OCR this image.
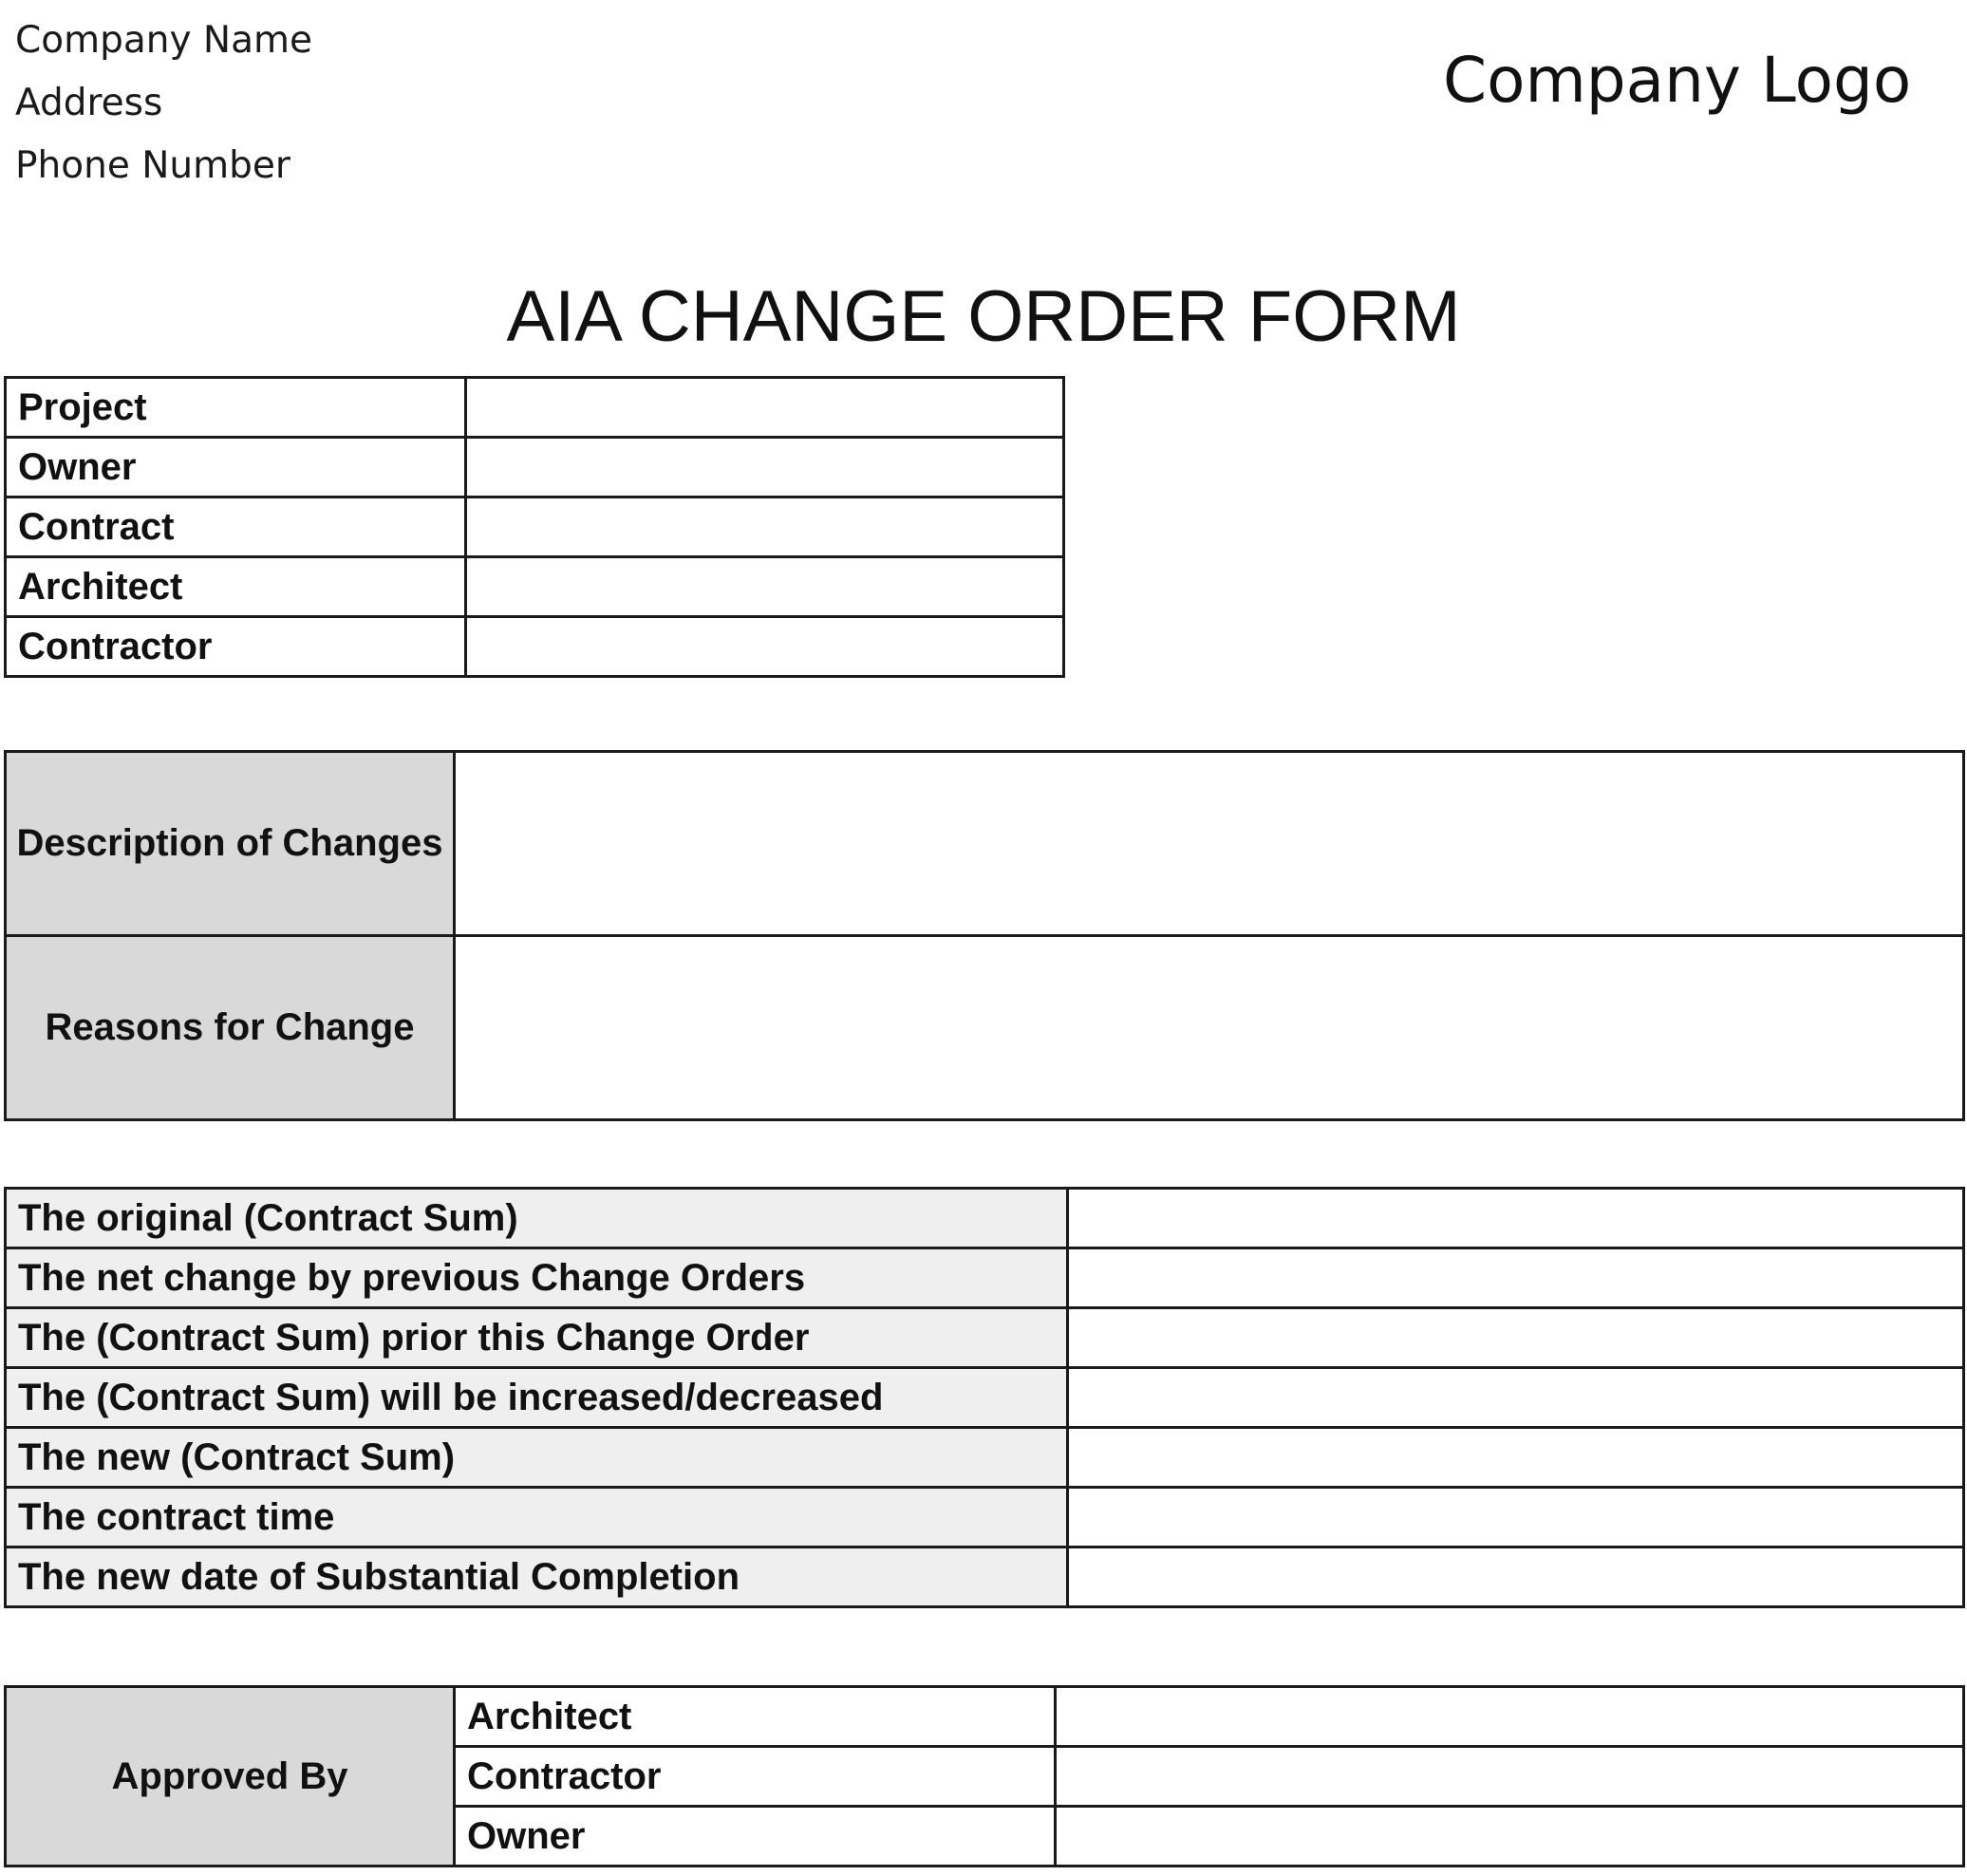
Company Name
Address
Phone Number
Company Logo
AIA CHANGE ORDER FORM
Project	
Owner	
Contract	
Architect	
Contractor	
Description of Changes	
Reasons for Change	
The original (Contract Sum)	
The net change by previous Change Orders	
The (Contract Sum) prior this Change Order	
The (Contract Sum) will be increased/decreased	
The new (Contract Sum)	
The contract time	
The new date of Substantial Completion	
Approved By	Architect	
	Contractor	
	Owner	
